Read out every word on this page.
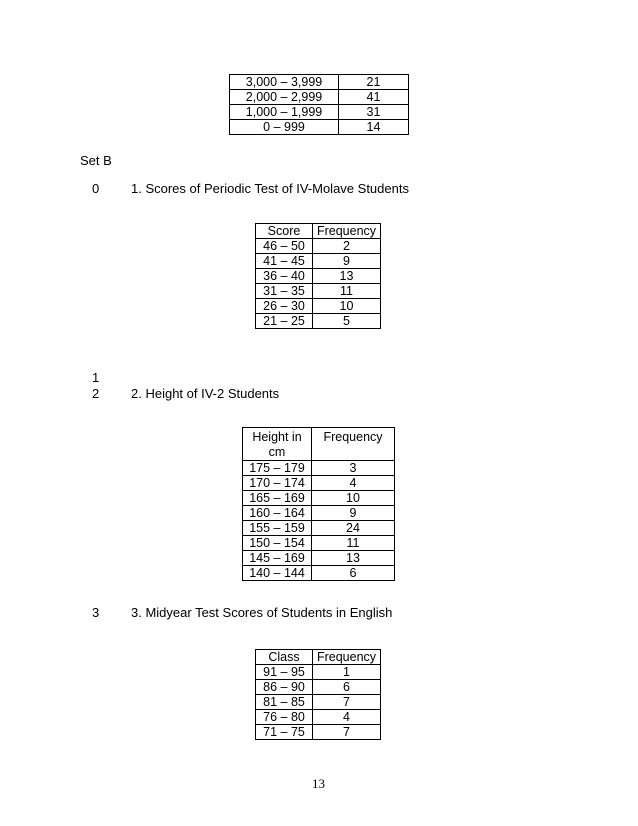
3,000 – 3,999	21
2,000 – 2,999	41
1,000 – 1,999	31
0 – 999	14
Set B
0 1. Scores of Periodic Test of IV-Molave Students
Score	Frequency
46 – 50	2
41 – 45	9
36 – 40	13
31 – 35	11
26 – 30	10
21 – 25	5
1
2 2. Height of IV-2 Students
Height in cm	Frequency
175 – 179	3
170 – 174	4
165 – 169	10
160 – 164	9
155 – 159	24
150 – 154	11
145 – 169	13
140 – 144	6
3 3. Midyear Test Scores of Students in English
Class	Frequency
91 – 95	1
86 – 90	6
81 – 85	7
76 – 80	4
71 – 75	7
13
